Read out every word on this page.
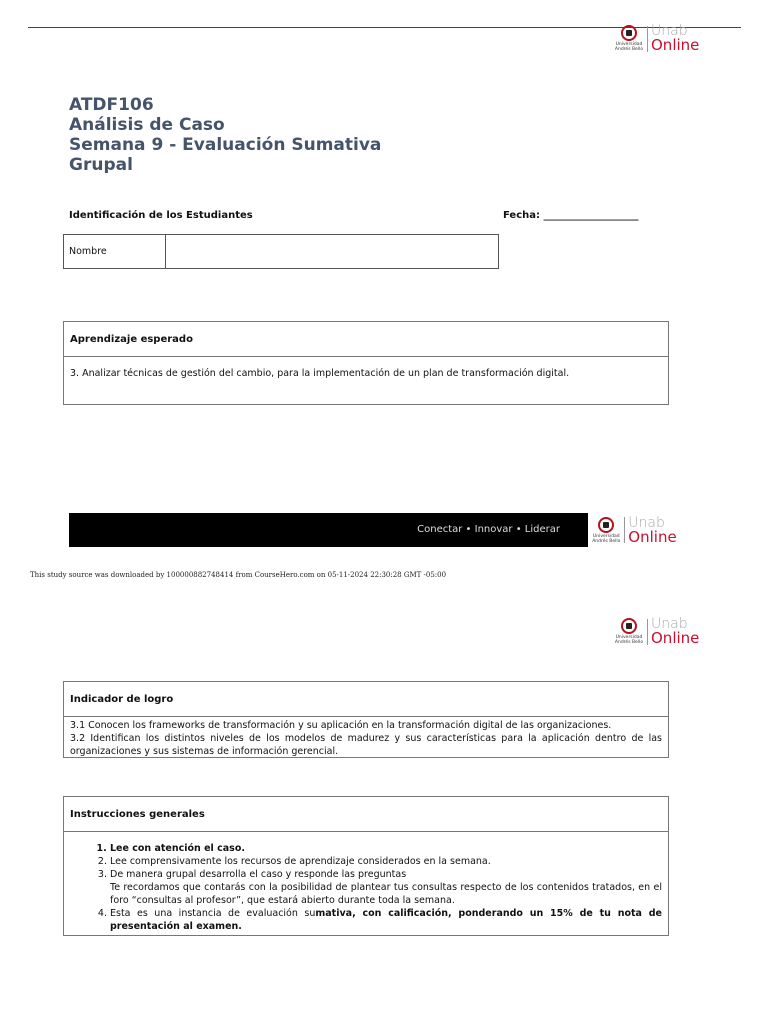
Universidad Andrés Bello
Unab
Online
ATDF106
Análisis de Caso
Semana 9 - Evaluación Sumativa
Grupal
Identificación de los Estudiantes	Fecha: ___________________
Nombre	
Aprendizaje esperado
3. Analizar técnicas de gestión del cambio, para la implementación de un plan de transformación digital.
Conectar • Innovar • Liderar
Universidad Andrés Bello
Unab
Online
This study source was downloaded by 100000882748414 from CourseHero.com on 05-11-2024 22:30:28 GMT -05:00
Universidad Andrés Bello
Unab
Online
Indicador de logro
3.1 Conocen los frameworks de transformación y su aplicación en la transformación digital de las organizaciones.
3.2 Identifican los distintos niveles de los modelos de madurez y sus características para la aplicación dentro de las organizaciones y sus sistemas de información gerencial.
Instrucciones generales
1. Lee con atención el caso.
2. Lee comprensivamente los recursos de aprendizaje considerados en la semana.
3. De manera grupal desarrolla el caso y responde las preguntas
Te recordamos que contarás con la posibilidad de plantear tus consultas respecto de los contenidos tratados, en el foro “consultas al profesor”, que estará abierto durante toda la semana.
4. Esta es una instancia de evaluación sumativa, con calificación, ponderando un 15% de tu nota de presentación al examen.
